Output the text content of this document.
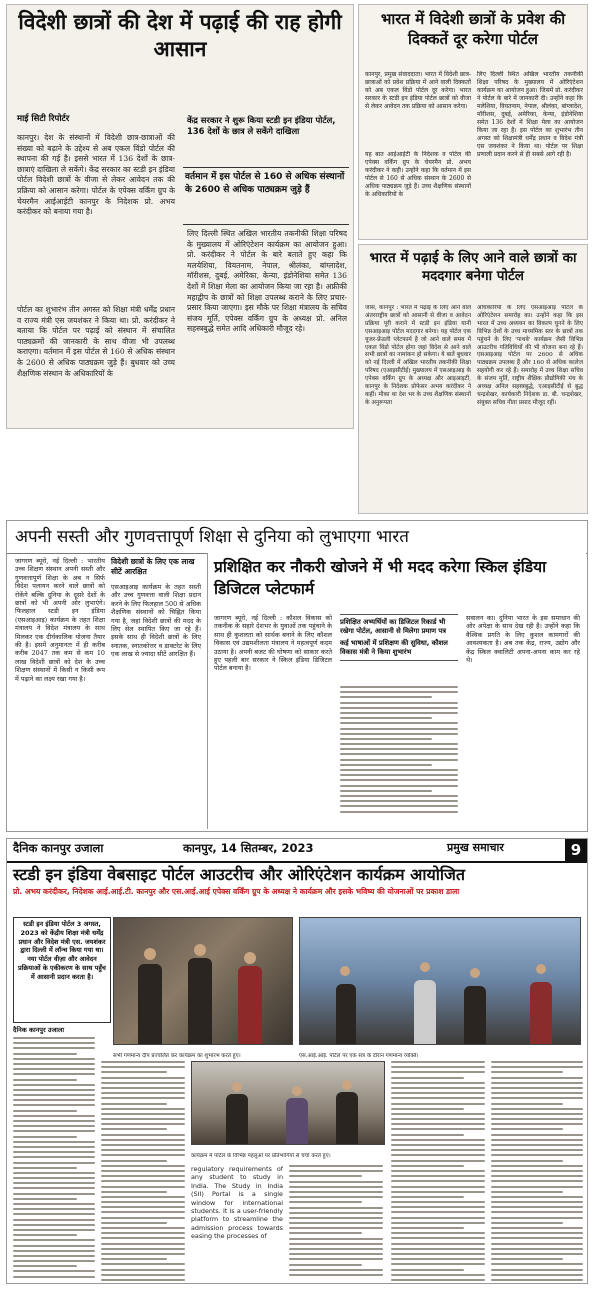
विदेशी छात्रों की देश में पढ़ाई की राह होगी आसान

माई सिटी रिपोर्टर

कानपुर। देश के संस्थानों में विदेशी छात्र-छात्राओं की संख्या को बढ़ाने के उद्देश्य से अब एकल विंडो पोर्टल की स्थापना की गई है। इससे भारत में 136 देशों के छात्र-छात्राएं दाखिला ले सकेंगे। केंद्र सरकार का स्टडी इन इंडिया पोर्टल विदेशी छात्रों के वीजा से लेकर आवेदन तक की प्रक्रिया को आसान करेगा। पोर्टल के एपेक्स वर्किंग ग्रुप के चेयरमैन आईआईटी कानपुर के निदेशक प्रो. अभय करंदीकर को बनाया गया है।

पोर्टल का शुभारंभ तीन अगस्त को शिक्षा मंत्री धर्मेंद्र प्रधान व राज्य मंत्री एस जयशंकर ने किया था। प्रो. करंदीकर ने बताया कि पोर्टल पर पढ़ाई को संस्थान में संचालित पाठ्यक्रमों की जानकारी के साथ वीजा भी उपलब्ध कराएगा। वर्तमान में इस पोर्टल से 160 से अधिक संस्थान के 2600 से अधिक पाठ्यक्रम जुड़े हैं। बुधवार को उच्च शैक्षणिक संस्थान के अधिकारियों के

केंद्र सरकार ने शुरू किया स्टडी इन इंडिया पोर्टल, 136 देशों के छात्र ले सकेंगे दाखिला

वर्तमान में इस पोर्टल से 160 से अधिक संस्थानों के 2600 से अधिक पाठ्यक्रम जुड़े हैं

लिए दिल्ली स्थित अखिल भारतीय तकनीकी शिक्षा परिषद के मुख्यालय में ओरिएंटेशन कार्यक्रम का आयोजन हुआ। प्रो. करंदीकर ने पोर्टल के बारे बताते हुए कहा कि मलयेशिया, वियतनाम, नेपाल, श्रीलंका, बांग्लादेश, मॉरीशस, दुबई, अमेरिका, केन्या, इंडोनेशिया समेत 136 देशों में शिक्षा मेला का आयोजन किया जा रहा है। अफ्रीकी महाद्वीप के छात्रों को शिक्षा उपलब्ध कराने के लिए प्रचार-प्रसार किया जाएगा। इस मौके पर शिक्षा मंत्रालय के सचिव संजय मूर्ति, एपेक्स वर्किंग ग्रुप के अध्यक्ष प्रो. अनिल सहस्त्रबुद्धे समेत आदि अधिकारी मौजूद रहे।

भारत में विदेशी छात्रों के प्रवेश की दिक्कतें दूर करेगा पोर्टल

कानपुर, प्रमुख संवाददाता। भारत में विदेशी छात्र-छात्राओं को प्रवेश प्रक्रिया में आने वाली दिक्कतों को अब एकल विंडो पोर्टल दूर करेगा। भारत सरकार के स्टडी इन इंडिया पोर्टल छात्रों को वीजा से लेकर आवेदन तक प्रक्रिया को आसान करेगा।

यह बात आईआईटी के निदेशक व पोर्टल की एपेक्स वर्किंग ग्रुप के चेयरमैन प्रो. अभय करंदीकर ने कही। उन्होंने कहा कि वर्तमान में इस पोर्टल से 160 से अधिक संस्थान के 2600 से अधिक पाठ्यक्रम जुड़े हैं। उच्च शैक्षणिक संस्थानों के अधिकारियों के

लिए दिल्ली स्थित अखिल भारतीय तकनीकी शिक्षा परिषद के मुख्यालय में ओरिएंटेशन कार्यक्रम का आयोजन हुआ। जिसमें प्रो. करंदीकर ने पोर्टल के बारे में जानकारी दी। उन्होंने कहा कि मलेशिया, वियतनाम, नेपाल, श्रीलंका, बांग्लादेश, मॉरीशस, दुबई, अमेरिका, केन्या, इंडोनेशिया समेत 136 देशों में शिक्षा मेला का आयोजन किया जा रहा है। इस पोर्टल का शुभारंभ तीन अगस्त को शिक्षामंत्री धर्मेंद्र प्रधान व विदेश मंत्री एस जयशंकर ने किया था। पोर्टल पर शिक्षा प्रणाली प्रदान करने से ही सबसे आगे रही है।

भारत में पढ़ाई के लिए आने वाले छात्रों का मददगार बनेगा पोर्टल

जासं, कानपुर : भारत में पढ़ाई के लिए आने वाले अंतरराष्ट्रीय छात्रों को आसानी से वीजा व आवेदन प्रक्रिया पूरी कराने में स्टडी इन इंडिया यानी एसआइआइ पोर्टल मददगार बनेगा। यह पोर्टल एक यूजर-फ्रेंडली प्लेटफार्म है जो आने वाले समय में एकल विंडो पोर्टल होगा जहां विदेश से आने वाले सभी छात्रों का नामांकन हो सकेगा। ये बातें बुधवार को नई दिल्ली में अखिल भारतीय तकनीकी शिक्षा परिषद (एआइसीटीई) मुख्यालय में एसआइआइ के एपेक्स वर्किंग ग्रुप के अध्यक्ष और आइआइटी, कानपुर के निदेशक प्रोफेसर अभय करंदीकर ने कहीं। मौका था देश भर के उच्च शैक्षणिक संस्थानों के अनुरूपता

अधिकारियों के लिए एसआइआइ पोर्टल के ओरिएंटेशन समारोह का। उन्होंने कहा कि इस भारत में उच्च अध्ययन का विकल्प चुनने के लिए विभिन्न देशों के उच्च माध्यमिक स्तर के छात्रों तक पहुंचने के लिए 'पाथवे' कार्यक्रम जैसी विभिन्न आउटरीच गतिविधियों की भी योजना बना रहे हैं। एसआइआइ पोर्टल पर 2600 से अधिक पाठ्यक्रम उपलब्ध हैं और 160 से अधिक कालेज सहयोगी कर रहे हैं। समारोह में उच्च शिक्षा सचिव के संजय मूर्ति, राष्ट्रीय शैक्षिक प्रौद्योगिकी मंच के अध्यक्ष अनिल सहस्त्रबुद्धे, एआइसीटीई से बुद्ध चन्द्रशेखर, कार्यकारी निदेशक डा. बी. चन्द्रशेखर, संयुक्त सचिव नीता प्रसाद मौजूद रहीं।

अपनी सस्ती और गुणवत्तापूर्ण शिक्षा से दुनिया को लुभाएगा भारत

जागरण ब्यूरो, नई दिल्ली : भारतीय उच्च शिक्षण संस्थान अपनी सस्ती और गुणवत्तापूर्ण शिक्षा के अब न सिर्फ विदेश पलायन करने वाले छात्रों को रोकेंगे बल्कि दुनिया के दूसरे देशों के छात्रों को भी अपनी ओर लुभाएंगे। फिलहाल स्टडी इन इंडिया (एसआइआइ) कार्यक्रम के तहत शिक्षा मंत्रालय ने विदेश मंत्रालय के साथ मिलकर एक दीर्घकालिक योजना तैयार की है। इसमें अनुमानतः में ही करीब करीब 2047 तक कम से कम 10 लाख विदेशी छात्रों को देश के उच्च शिक्षण संस्थानों में किसी न किसी रूप में पढ़ाने का लक्ष्य रखा गया है।

विदेशी छात्रों के लिए एक लाख सीटें आरक्षित

एसआइआइ कार्यक्रम के तहत सस्ती और उच्च गुणवत्ता वाली शिक्षा प्रदान करने के लिए फिलहाल 500 से अधिक शैक्षणिक संस्थानों को चिह्नित किया गया है, जहां विदेशी छात्रों की मदद के लिए सेल स्थापित किए जा रहे हैं। इसके साथ ही विदेशी छात्रों के लिए स्नातक, स्नातकोत्तर व डाक्टरेट के लिए एक लाख से ज्यादा सीटें आरक्षित हैं।

प्रशिक्षित कर नौकरी खोजने में भी मदद करेगा स्किल इंडिया डिजिटल प्लेटफार्म

जागरण ब्यूरो, नई दिल्ली : कौशल विकास को तकनीक के सहारे देशभर के युवाओं तक पहुंचाने के साथ ही कुशलता को सार्थक बनाने के लिए कौशल विकास एवं उद्यमशीलता मंत्रालय ने महत्वपूर्ण कदम उठाया है। अपनी बजट की घोषणा को साकार करते हुए पहली बार सरकार ने स्किल इंडिया डिजिटल पोर्टल बनाया है।

प्रशिक्षित अभ्यर्थियों का डिजिटल रिकार्ड भी रखेगा पोर्टल, आसानी से मिलेगा प्रमाण पत्र

कई भाषाओं में प्रशिक्षण की सुविधा, कौशल विकास मंत्री ने किया शुभारंभ

सवालन का। दुनिया भारत के इस समाधान की ओर अपेक्षा के साथ देख रही है। उन्होंने कहा कि वैश्विक प्रगति के लिए कुशल कामगारों की आवश्यकता है। अब तक केंद्र, राज्य, उद्योग और केंद्र स्किल क्वालिटी अपना-अपना काम कर रहे थे।

दैनिक कानपुर उजाला	कानपुर, 14 सितम्बर, 2023	प्रमुख समाचार	9

स्टडी इन इंडिया वेबसाइट पोर्टल आउटरीच और ओरिएंटेशन कार्यक्रम आयोजित

प्रो. अभय करंदीकर, निदेशक आई.आई.टी. कानपुर और एस.आई.आई एपेक्स वर्किंग ग्रुप के अध्यक्ष ने कार्यक्रम और इसके भविष्य की योजनाओं पर प्रकाश डाला

स्टडी इन इंडिया पोर्टल 3 अगस्त, 2023 को केंद्रीय शिक्षा मंत्री धर्मेंद्र प्रधान और विदेश मंत्री एस. जयशंकर द्वारा दिल्ली में लॉन्च किया गया था। नया पोर्टल वीज़ा और आवेदन प्रक्रियाओं के एकीकरण के साथ पहुँच में आसानी प्रदान करता है।

सभी गणमान्य दीप प्रज्वलित कर कार्यक्रम का शुभारंभ करते हुए।	एस.आई.आई. पोर्टल पर एक सत्र के दौरान गणमान्य व्यक्ति।

कार्यक्रम में पोर्टल के विभिन्न पहलुओं पर प्रतिभागियों से चर्चा करते हुए।

दैनिक कानपुर उजाला

regulatory requirements of any student to study in India. The Study in India (SII) Portal is a single window for international students. It is a user-friendly platform to streamline the admission process towards easing the processes of
